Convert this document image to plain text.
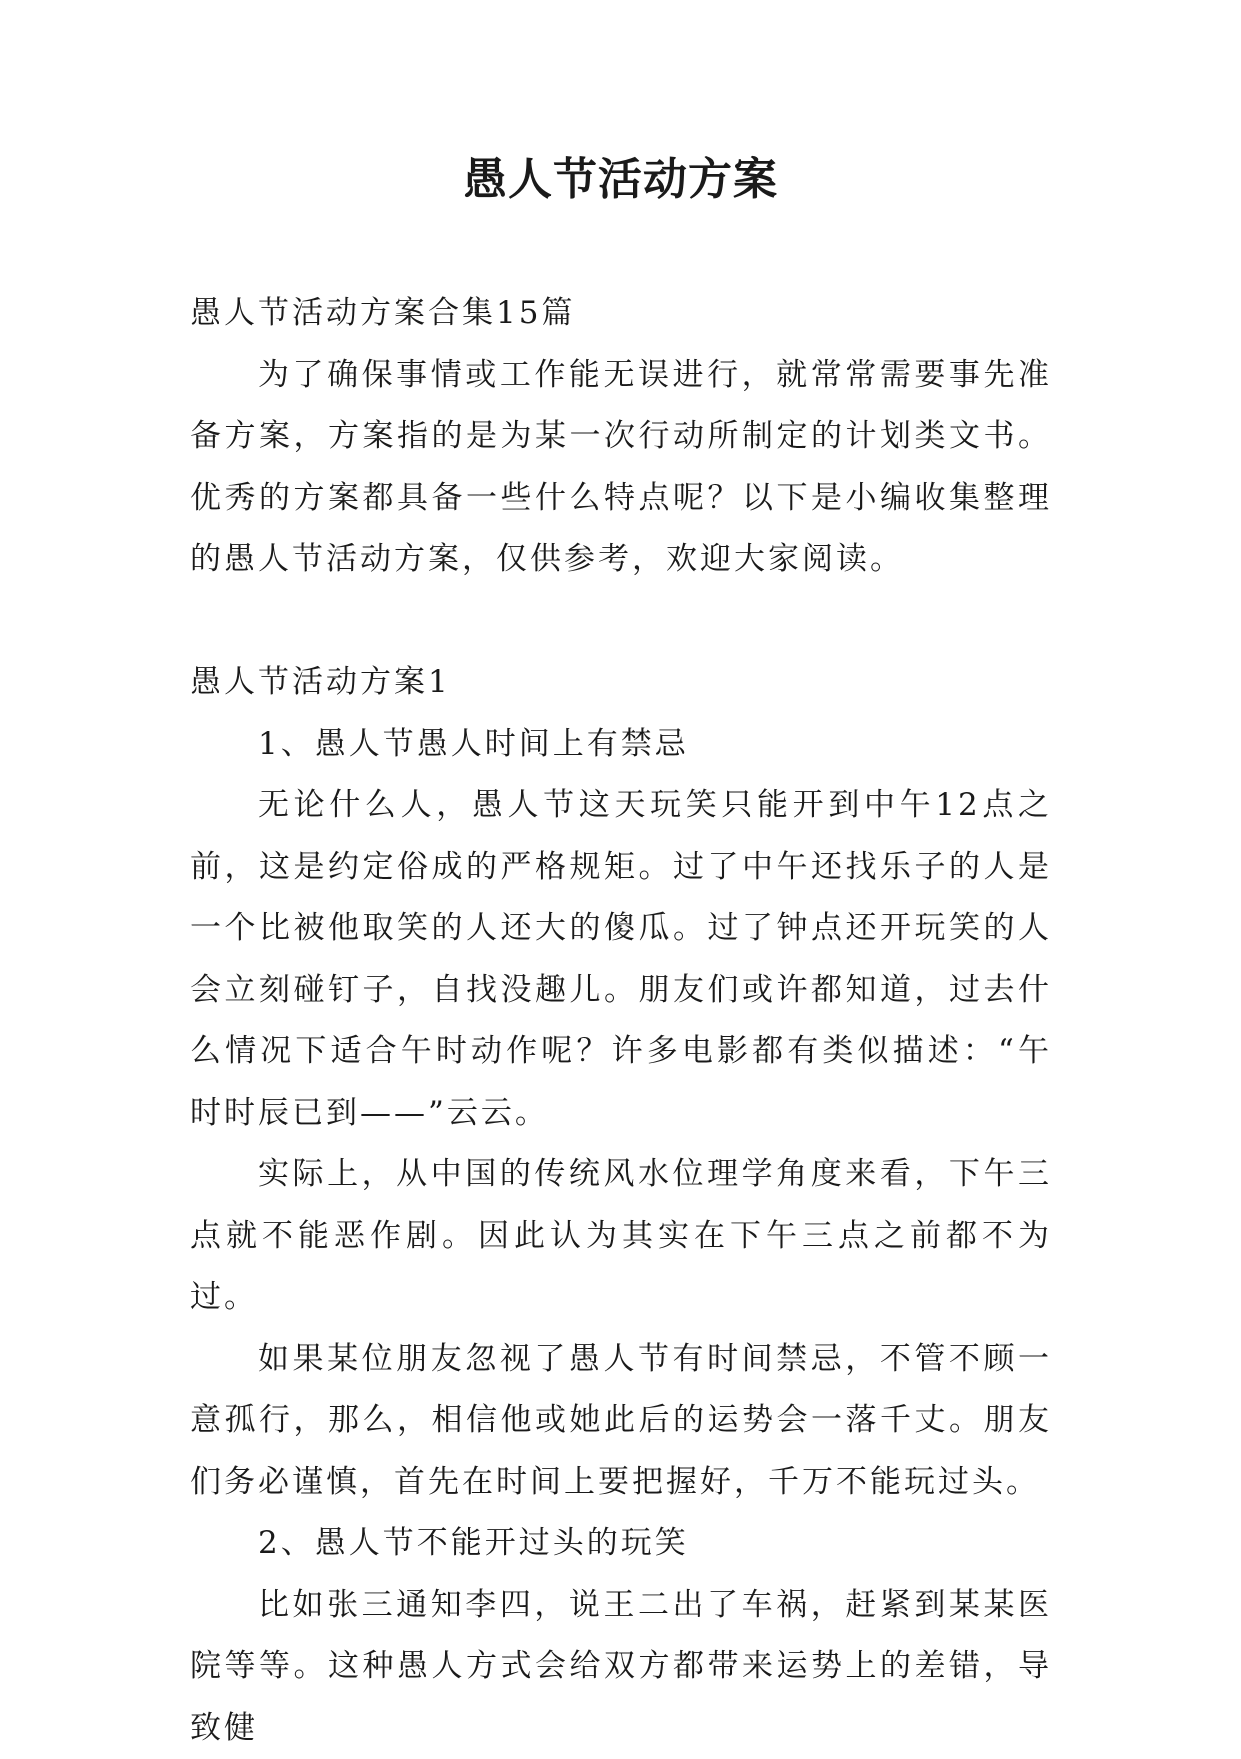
愚人节活动方案

愚人节活动方案合集15篇

为了确保事情或工作能无误进行，就常常需要事先准备方案，方案指的是为某一次行动所制定的计划类文书。优秀的方案都具备一些什么特点呢？以下是小编收集整理的愚人节活动方案，仅供参考，欢迎大家阅读。

愚人节活动方案1

1、愚人节愚人时间上有禁忌

无论什么人，愚人节这天玩笑只能开到中午12点之前，这是约定俗成的严格规矩。过了中午还找乐子的人是一个比被他取笑的人还大的傻瓜。过了钟点还开玩笑的人会立刻碰钉子，自找没趣儿。朋友们或许都知道，过去什么情况下适合午时动作呢？许多电影都有类似描述：“午时时辰已到——”云云。

实际上，从中国的传统风水位理学角度来看，下午三点就不能恶作剧。因此认为其实在下午三点之前都不为过。

如果某位朋友忽视了愚人节有时间禁忌，不管不顾一意孤行，那么，相信他或她此后的运势会一落千丈。朋友们务必谨慎，首先在时间上要把握好，千万不能玩过头。

2、愚人节不能开过头的玩笑

比如张三通知李四，说王二出了车祸，赶紧到某某医院等等。这种愚人方式会给双方都带来运势上的差错，导致健
